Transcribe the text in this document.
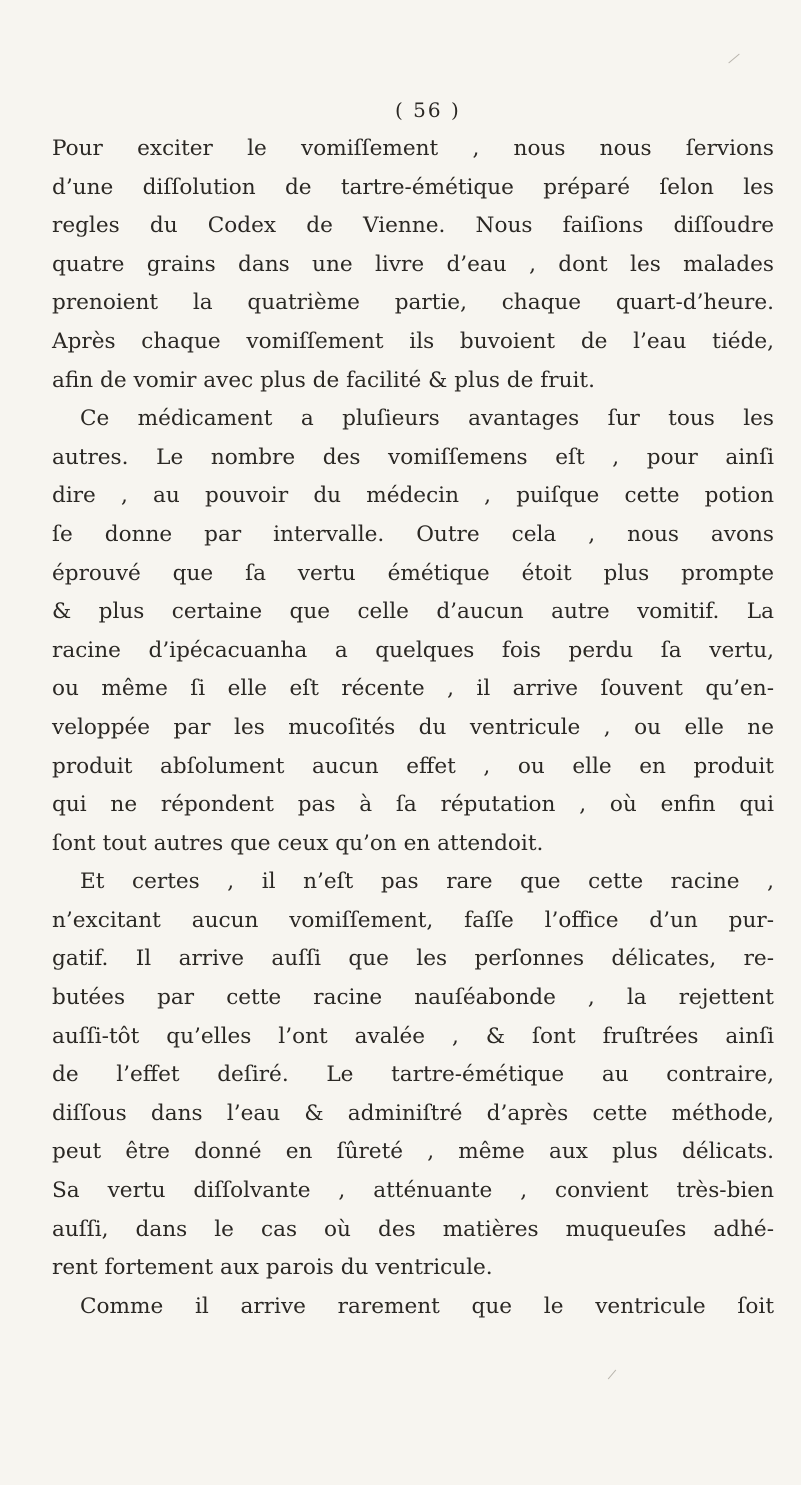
( 56 )
Pour exciter le vomiſſement , nous nous ſervions
d’une diſſolution de tartre-émétique préparé ſelon les
regles du Codex de Vienne. Nous faiſions diſſoudre
quatre grains dans une livre d’eau , dont les malades
prenoient la quatrième partie, chaque quart-d’heure.
Après chaque vomiſſement ils buvoient de l’eau tiéde,
afin de vomir avec plus de facilité & plus de fruit.
Ce médicament a pluſieurs avantages ſur tous les
autres. Le nombre des vomiſſemens eſt , pour ainſi
dire , au pouvoir du médecin , puiſque cette potion
ſe donne par intervalle. Outre cela , nous avons
éprouvé que ſa vertu émétique étoit plus prompte
& plus certaine que celle d’aucun autre vomitif. La
racine d’ipécacuanha a quelques fois perdu ſa vertu,
ou même ſi elle eſt récente , il arrive ſouvent qu’en-
veloppée par les mucoſités du ventricule , ou elle ne
produit abſolument aucun effet , ou elle en produit
qui ne répondent pas à ſa réputation , où enfin qui
ſont tout autres que ceux qu’on en attendoit.
Et certes , il n’eſt pas rare que cette racine ,
n’excitant aucun vomiſſement, faſſe l’office d’un pur-
gatif. Il arrive auſſi que les perſonnes délicates, re-
butées par cette racine nauſéabonde , la rejettent
auſſi-tôt qu’elles l’ont avalée , & ſont fruſtrées ainſi
de l’effet deſiré. Le tartre-émétique au contraire,
diſſous dans l’eau & adminiſtré d’après cette méthode,
peut être donné en ſûreté , même aux plus délicats.
Sa vertu diſſolvante , atténuante , convient très-bien
auſſi, dans le cas où des matières muqueuſes adhé-
rent fortement aux parois du ventricule.
Comme il arrive rarement que le ventricule ſoit
